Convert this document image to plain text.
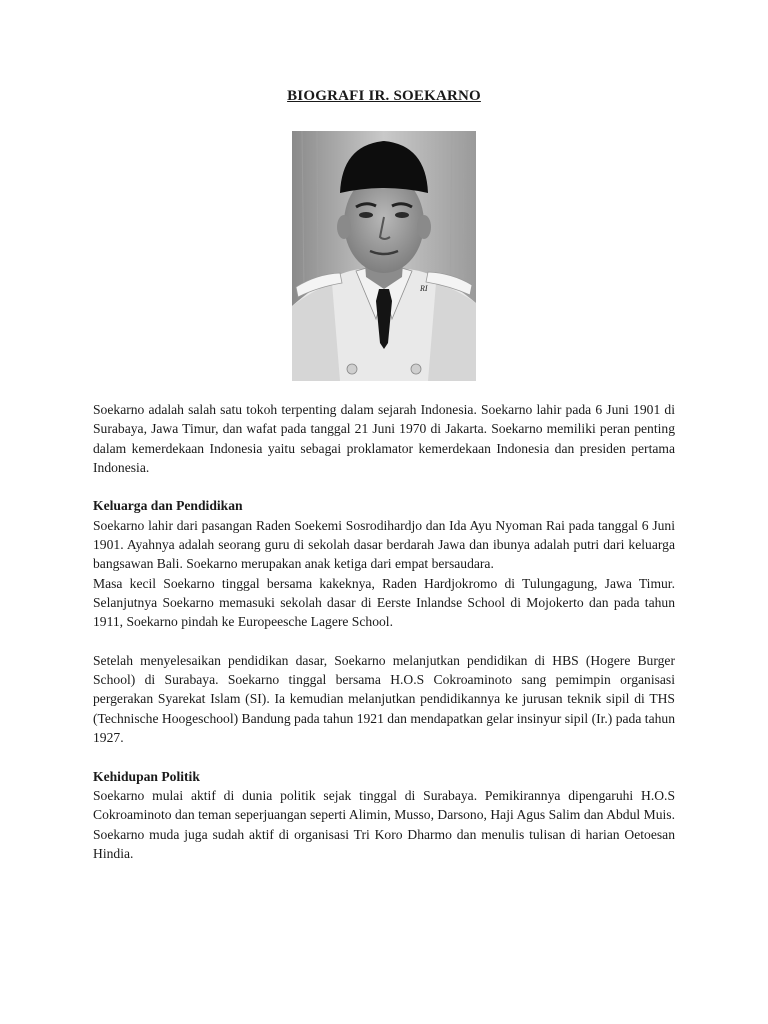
BIOGRAFI IR. SOEKARNO
RI

Soekarno adalah salah satu tokoh terpenting dalam sejarah Indonesia. Soekarno lahir pada 6 Juni 1901 di Surabaya, Jawa Timur, dan wafat pada tanggal 21 Juni 1970 di Jakarta. Soekarno memiliki peran penting dalam kemerdekaan Indonesia yaitu sebagai proklamator kemerdekaan Indonesia dan presiden pertama Indonesia.

Keluarga dan Pendidikan

Soekarno lahir dari pasangan Raden Soekemi Sosrodihardjo dan Ida Ayu Nyoman Rai pada tanggal 6 Juni 1901. Ayahnya adalah seorang guru di sekolah dasar berdarah Jawa dan ibunya adalah putri dari keluarga bangsawan Bali. Soekarno merupakan anak ketiga dari empat bersaudara.

Masa kecil Soekarno tinggal bersama kakeknya, Raden Hardjokromo di Tulungagung, Jawa Timur. Selanjutnya Soekarno memasuki sekolah dasar di Eerste Inlandse School di Mojokerto dan pada tahun 1911, Soekarno pindah ke Europeesche Lagere School.

Setelah menyelesaikan pendidikan dasar, Soekarno melanjutkan pendidikan di HBS (Hogere Burger School) di Surabaya. Soekarno tinggal bersama H.O.S Cokroaminoto sang pemimpin organisasi pergerakan Syarekat Islam (SI). Ia kemudian melanjutkan pendidikannya ke jurusan teknik sipil di THS (Technische Hoogeschool) Bandung pada tahun 1921 dan mendapatkan gelar insinyur sipil (Ir.) pada tahun 1927.

Kehidupan Politik

Soekarno mulai aktif di dunia politik sejak tinggal di Surabaya. Pemikirannya dipengaruhi H.O.S Cokroaminoto dan teman seperjuangan seperti Alimin, Musso, Darsono, Haji Agus Salim dan Abdul Muis. Soekarno muda juga sudah aktif di organisasi Tri Koro Dharmo dan menulis tulisan di harian Oetoesan Hindia.
